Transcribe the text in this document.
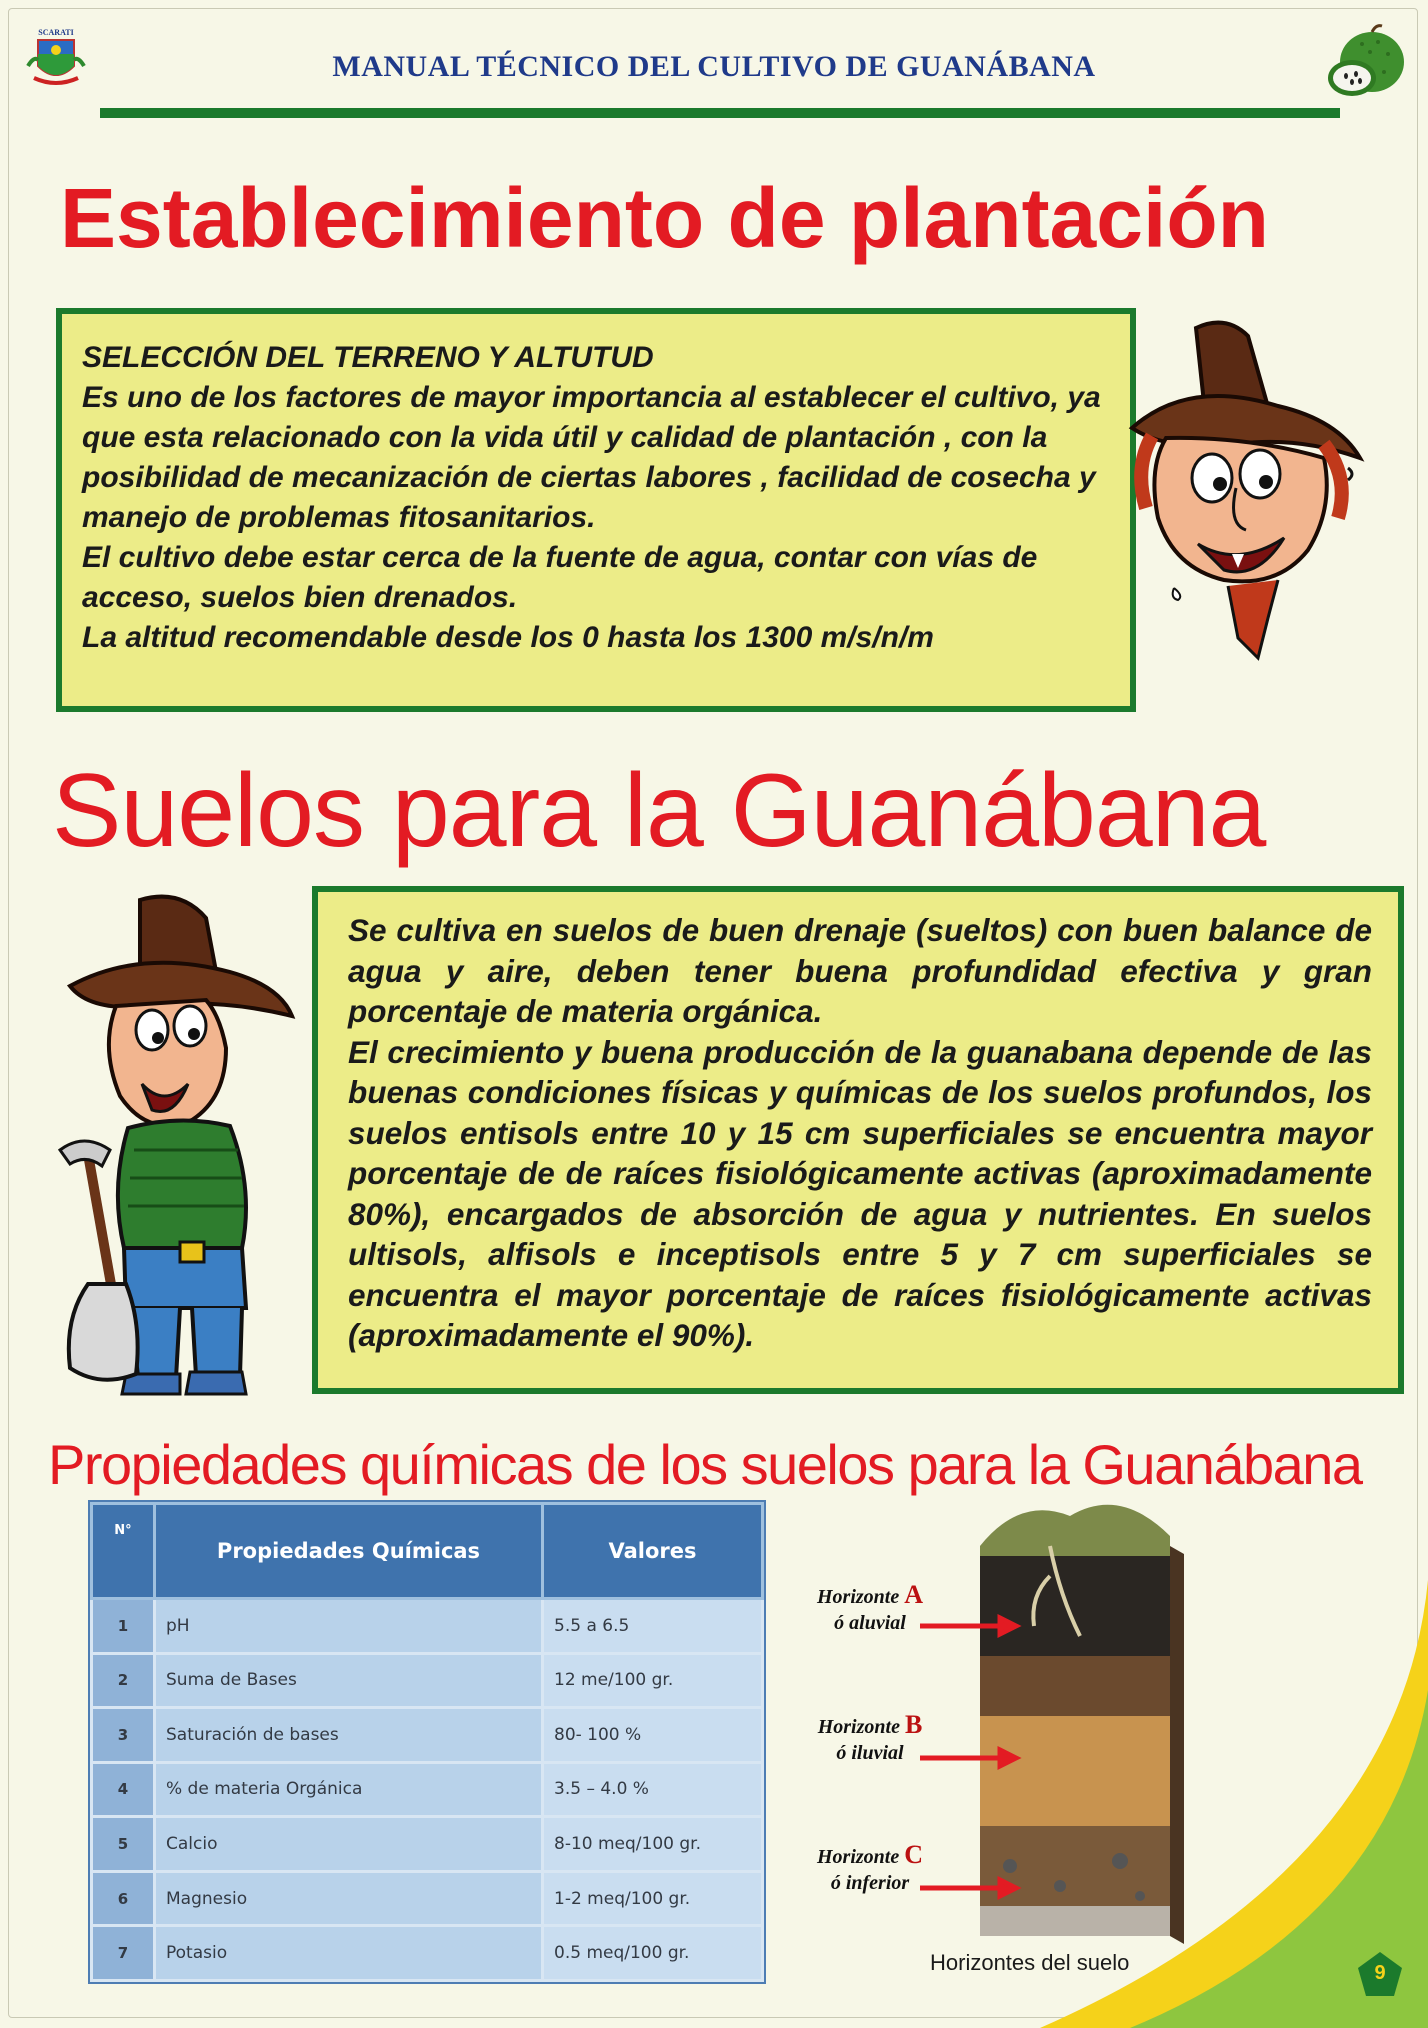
SCARATI
MANUAL TÉCNICO DEL CULTIVO DE GUANÁBANA
Establecimiento de plantación
SELECCIÓN DEL TERRENO Y ALTUTUD

Es uno de los factores de mayor importancia al establecer el cultivo, ya que esta relacionado con la vida útil y calidad de plantación , con la posibilidad de mecanización de ciertas labores , facilidad de cosecha y manejo de problemas fitosanitarios.

El cultivo debe estar cerca de la fuente de agua, contar con vías de acceso, suelos bien drenados.

La altitud recomendable desde los 0 hasta los 1300 m/s/n/m

Suelos para la Guanábana

Se cultiva en suelos de buen drenaje (sueltos) con buen balance de agua y aire, deben tener buena profundidad efectiva y gran porcentaje de materia orgánica.

El crecimiento y buena producción de la guanabana depende de las buenas condiciones físicas y químicas de los suelos profundos, los suelos entisols entre 10 y 15 cm superficiales se encuentra mayor porcentaje de de raíces fisiológicamente activas (aproximadamente 80%), encargados de absorción de agua y nutrientes. En suelos ultisols, alfisols e inceptisols entre 5 y 7 cm superficiales se encuentra el mayor porcentaje de raíces fisiológicamente activas (aproximadamente el 90%).

Propiedades químicas de los suelos para la Guanábana
N°	Propiedades Químicas	Valores
1	pH	5.5 a 6.5
2	Suma de Bases	12 me/100 gr.
3	Saturación de bases	80- 100 %
4	% de materia Orgánica	3.5 – 4.0 %
5	Calcio	8-10 meq/100 gr.
6	Magnesio	1-2 meq/100 gr.
7	Potasio	0.5 meq/100 gr.
Horizonte A
ó aluvial
Horizonte B
ó iluvial
Horizonte C
ó inferior
Horizontes del suelo	9
